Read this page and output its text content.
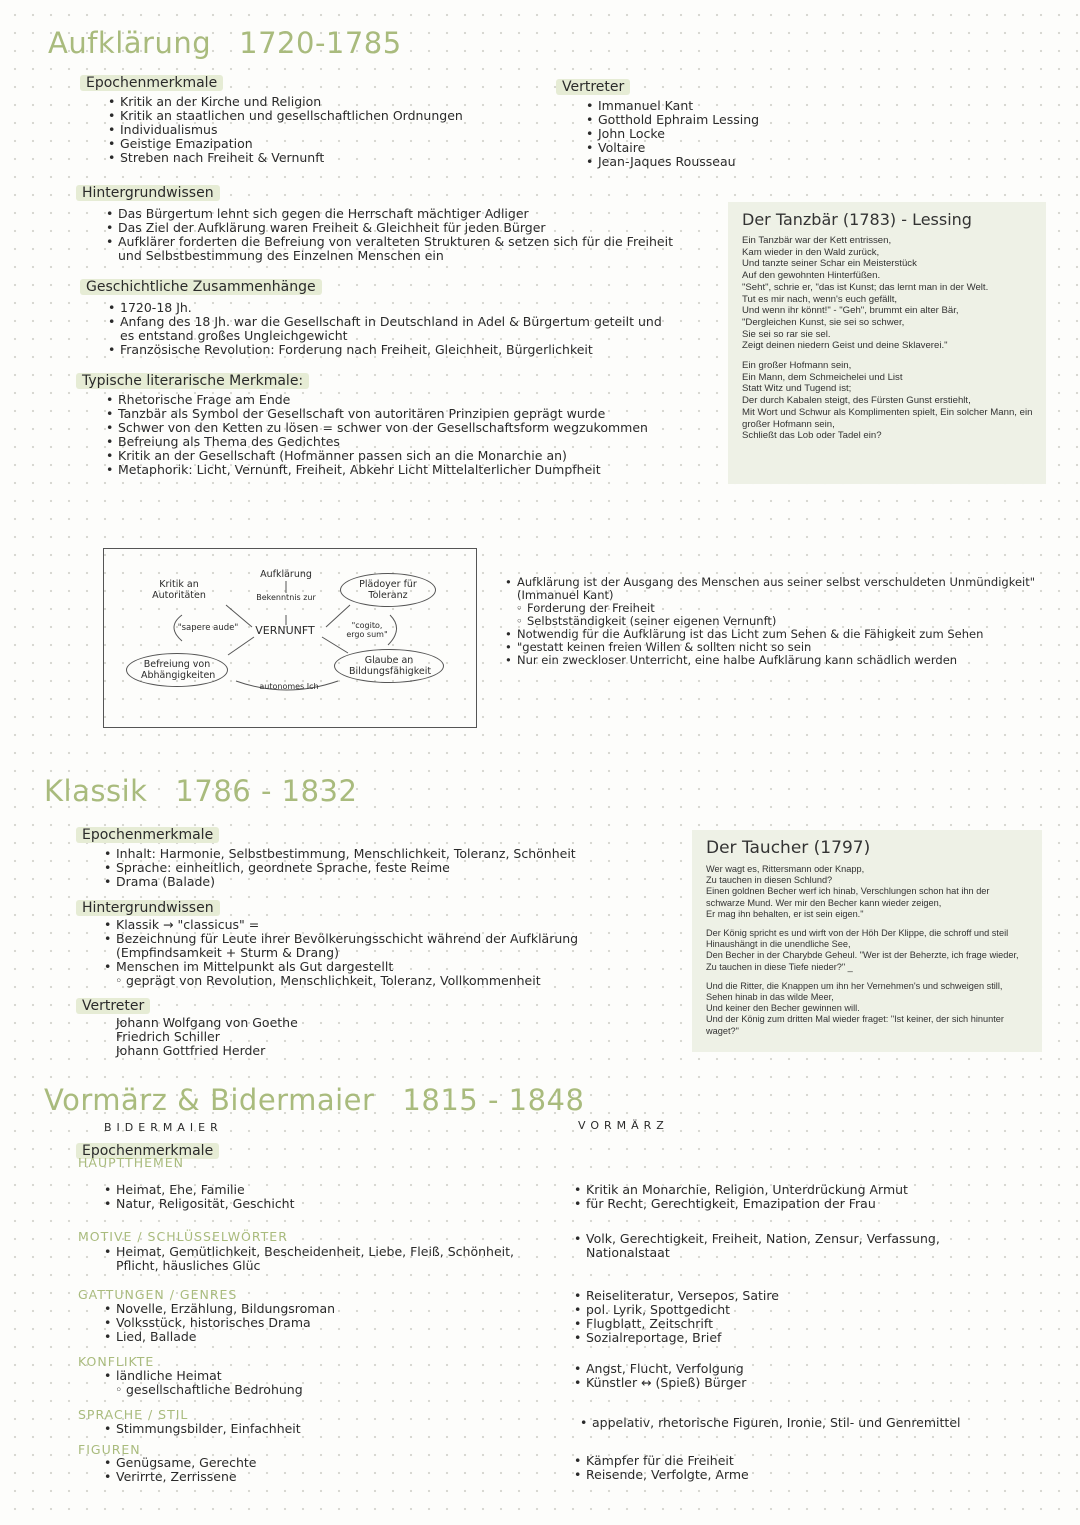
Aufklärung 1720-1785
Epochenmerkmale
• Kritik an der Kirche und Religion
• Kritik an staatlichen und gesellschaftlichen Ordnungen
• Individualismus
• Geistige Emazipation
• Streben nach Freiheit & Vernunft
Vertreter
• Immanuel Kant
• Gotthold Ephraim Lessing
• John Locke
• Voltaire
• Jean-Jaques Rousseau
Hintergrundwissen
• Das Bürgertum lehnt sich gegen die Herrschaft mächtiger Adliger
• Das Ziel der Aufklärung waren Freiheit & Gleichheit für jeden Bürger
• Aufklärer forderten die Befreiung von veralteten Strukturen & setzen sich für die Freiheit und Selbstbestimmung des Einzelnen Menschen ein
Geschichtliche Zusammenhänge
• 1720-18 Jh.
• Anfang des 18 Jh. war die Gesellschaft in Deutschland in Adel & Bürgertum geteilt und es entstand großes Ungleichgewicht
• Französische Revolution: Forderung nach Freiheit, Gleichheit, Bürgerlichkeit
Typische literarische Merkmale:
• Rhetorische Frage am Ende
• Tanzbär als Symbol der Gesellschaft von autoritären Prinzipien geprägt wurde
• Schwer von den Ketten zu lösen = schwer von der Gesellschaftsform wegzukommen
• Befreiung als Thema des Gedichtes
• Kritik an der Gesellschaft (Hofmänner passen sich an die Monarchie an)
• Metaphorik: Licht, Vernunft, Freiheit, Abkehr Licht Mittelalterlicher Dumpfheit
Der Tanzbär (1783) - Lessing

Ein Tanzbär war der Kett entrissen,
Kam wieder in den Wald zurück,
Und tanzte seiner Schar ein Meisterstück
Auf den gewohnten Hinterfüßen.
"Seht", schrie er, "das ist Kunst; das lernt man in der Welt.
Tut es mir nach, wenn's euch gefällt,
Und wenn ihr könnt!" - "Geh", brummt ein alter Bär,
"Dergleichen Kunst, sie sei so schwer,
Sie sei so rar sie sel.
Zeigt deinen niedern Geist und deine Sklaverei."

Ein großer Hofmann sein,
Ein Mann, dem Schmeichelei und List
Statt Witz und Tugend ist;
Der durch Kabalen steigt, des Fürsten Gunst erstiehlt,
Mit Wort und Schwur als Komplimenten spielt, Ein solcher Mann, ein großer Hofmann sein,
Schließt das Lob oder Tadel ein?

Aufklärung
Bekenntnis zur
VERNUNFT
Kritik an Autoritäten
"sapere aude"
Plädoyer für Toleranz
"cogito, ergo sum"
Befreiung von Abhängigkeiten
Glaube an Bildungsfähigkeit
autonomes Ich
• Aufklärung ist der Ausgang des Menschen aus seiner selbst verschuldeten Unmündigkeit" (Immanuel Kant)
◦ Forderung der Freiheit
◦ Selbstständigkeit (seiner eigenen Vernunft)
• Notwendig für die Aufklärung ist das Licht zum Sehen & die Fähigkeit zum Sehen
• "gestatt keinen freien Willen & sollten nicht so sein
• Nur ein zweckloser Unterricht, eine halbe Aufklärung kann schädlich werden
Klassik 1786 - 1832
Epochenmerkmale
• Inhalt: Harmonie, Selbstbestimmung, Menschlichkeit, Toleranz, Schönheit
• Sprache: einheitlich, geordnete Sprache, feste Reime
• Drama (Balade)
Hintergrundwissen
• Klassik → "classicus" =
• Bezeichnung für Leute ihrer Bevölkerungsschicht während der Aufklärung (Empfindsamkeit + Sturm & Drang)
• Menschen im Mittelpunkt als Gut dargestellt
◦ geprägt von Revolution, Menschlichkeit, Toleranz, Vollkommenheit
Vertreter
◦ Johann Wolfgang von Goethe
◦ Friedrich Schiller
◦ Johann Gottfried Herder
Der Taucher (1797)

Wer wagt es, Rittersmann oder Knapp,
Zu tauchen in diesen Schlund?
Einen goldnen Becher werf ich hinab, Verschlungen schon hat ihn der schwarze Mund. Wer mir den Becher kann wieder zeigen,
Er mag ihn behalten, er ist sein eigen."

Der König spricht es und wirft von der Höh Der Klippe, die schroff und steil Hinaushängt in die unendliche See,
Den Becher in der Charybde Geheul. "Wer ist der Beherzte, ich frage wieder, Zu tauchen in diese Tiefe nieder?" _

Und die Ritter, die Knappen um ihn her Vernehmen's und schweigen still, Sehen hinab in das wilde Meer,
Und keiner den Becher gewinnen will.
Und der König zum dritten Mal wieder fraget: "Ist keiner, der sich hinunter waget?"

Vormärz & Bidermaier 1815 - 1848
BIDERMAIER	VORMÄRZ
Epochenmerkmale
HAUPTTHEMEN
• Heimat, Ehe, Familie
• Natur, Religosität, Geschicht
• Kritik an Monarchie, Religion, Unterdrückung Armut
• für Recht, Gerechtigkeit, Emazipation der Frau
MOTIVE / SCHLÜSSELWÖRTER
• Heimat, Gemütlichkeit, Bescheidenheit, Liebe, Fleiß, Schönheit, Pflicht, häusliches Glüc
• Volk, Gerechtigkeit, Freiheit, Nation, Zensur, Verfassung, Nationalstaat
GATTUNGEN / GENRES
• Novelle, Erzählung, Bildungsroman
• Volksstück, historisches Drama
• Lied, Ballade
• Reiseliteratur, Versepos, Satire
• pol. Lyrik, Spottgedicht
• Flugblatt, Zeitschrift
• Sozialreportage, Brief
KONFLIKTE
• ländliche Heimat
◦ gesellschaftliche Bedrohung
• Angst, Flucht, Verfolgung
• Künstler ↔ (Spieß) Bürger
SPRACHE / STIL
• Stimmungsbilder, Einfachheit
•	appelativ, rhetorische Figuren, Ironie, Stil- und Genremittel
FIGUREN
• Genügsame, Gerechte
• Verirrte, Zerrissene
• Kämpfer für die Freiheit
• Reisende, Verfolgte, Arme
